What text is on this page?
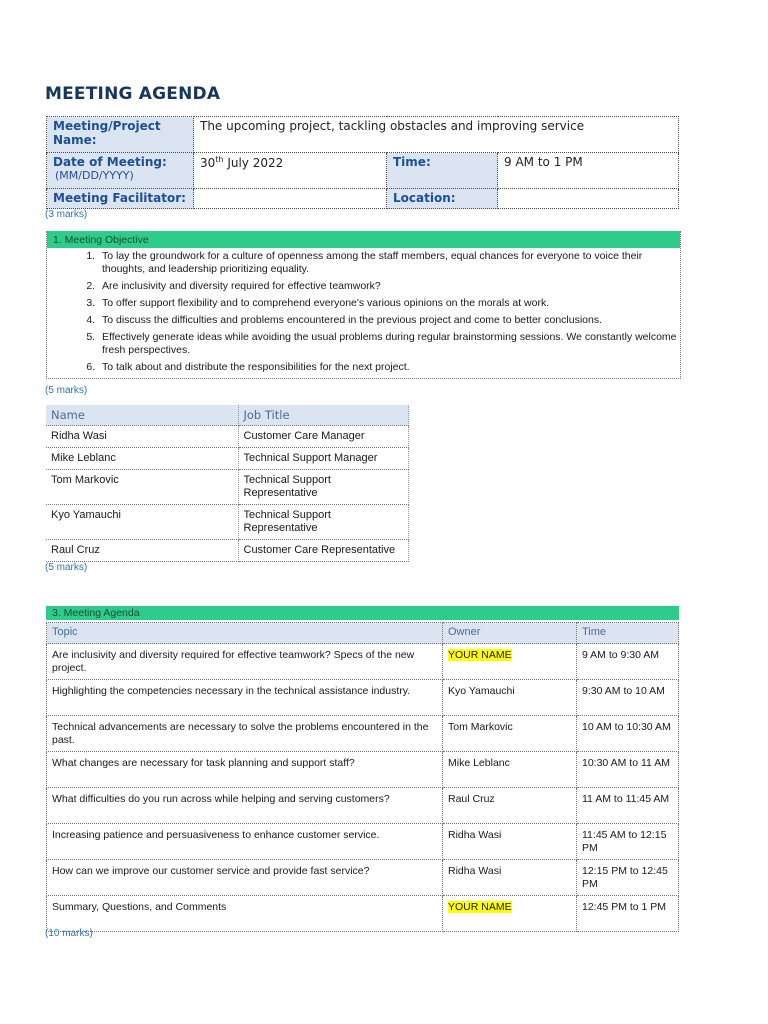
MEETING AGENDA
Meeting/Project Name:	The upcoming project, tackling obstacles and improving service		
Date of Meeting:
(MM/DD/YYYY)	30th July 2022	Time:	9 AM to 1 PM
Meeting Facilitator:		Location:	
(3 marks)
1. Meeting Objective
1. To lay the groundwork for a culture of openness among the staff members, equal chances for everyone to voice their thoughts, and leadership prioritizing equality.
2. Are inclusivity and diversity required for effective teamwork?
3. To offer support flexibility and to comprehend everyone's various opinions on the morals at work.
4. To discuss the difficulties and problems encountered in the previous project and come to better conclusions.
5. Effectively generate ideas while avoiding the usual problems during regular brainstorming sessions. We constantly welcome fresh perspectives.
6. To talk about and distribute the responsibilities for the next project.
(5 marks)
Name	Job Title
Ridha Wasi	Customer Care Manager
Mike Leblanc	Technical Support Manager
Tom Markovic	Technical Support Representative
Kyo Yamauchi	Technical Support Representative
Raul Cruz	Customer Care Representative
(5 marks)
3. Meeting Agenda
Topic	Owner	Time
Are inclusivity and diversity required for effective teamwork? Specs of the new project.	YOUR NAME	9 AM to 9:30 AM
Highlighting the competencies necessary in the technical assistance industry.	Kyo Yamauchi	9:30 AM to 10 AM
Technical advancements are necessary to solve the problems encountered in the past.	Tom Markovic	10 AM to 10:30 AM
What changes are necessary for task planning and support staff?	Mike Leblanc	10:30 AM to 11 AM
What difficulties do you run across while helping and serving customers?	Raul Cruz	11 AM to 11:45 AM
Increasing patience and persuasiveness to enhance customer service.	Ridha Wasi	11:45 AM to 12:15 PM
How can we improve our customer service and provide fast service?	Ridha Wasi	12:15 PM to 12:45 PM
Summary, Questions, and Comments	YOUR NAME	12:45 PM to 1 PM
(10 marks)
